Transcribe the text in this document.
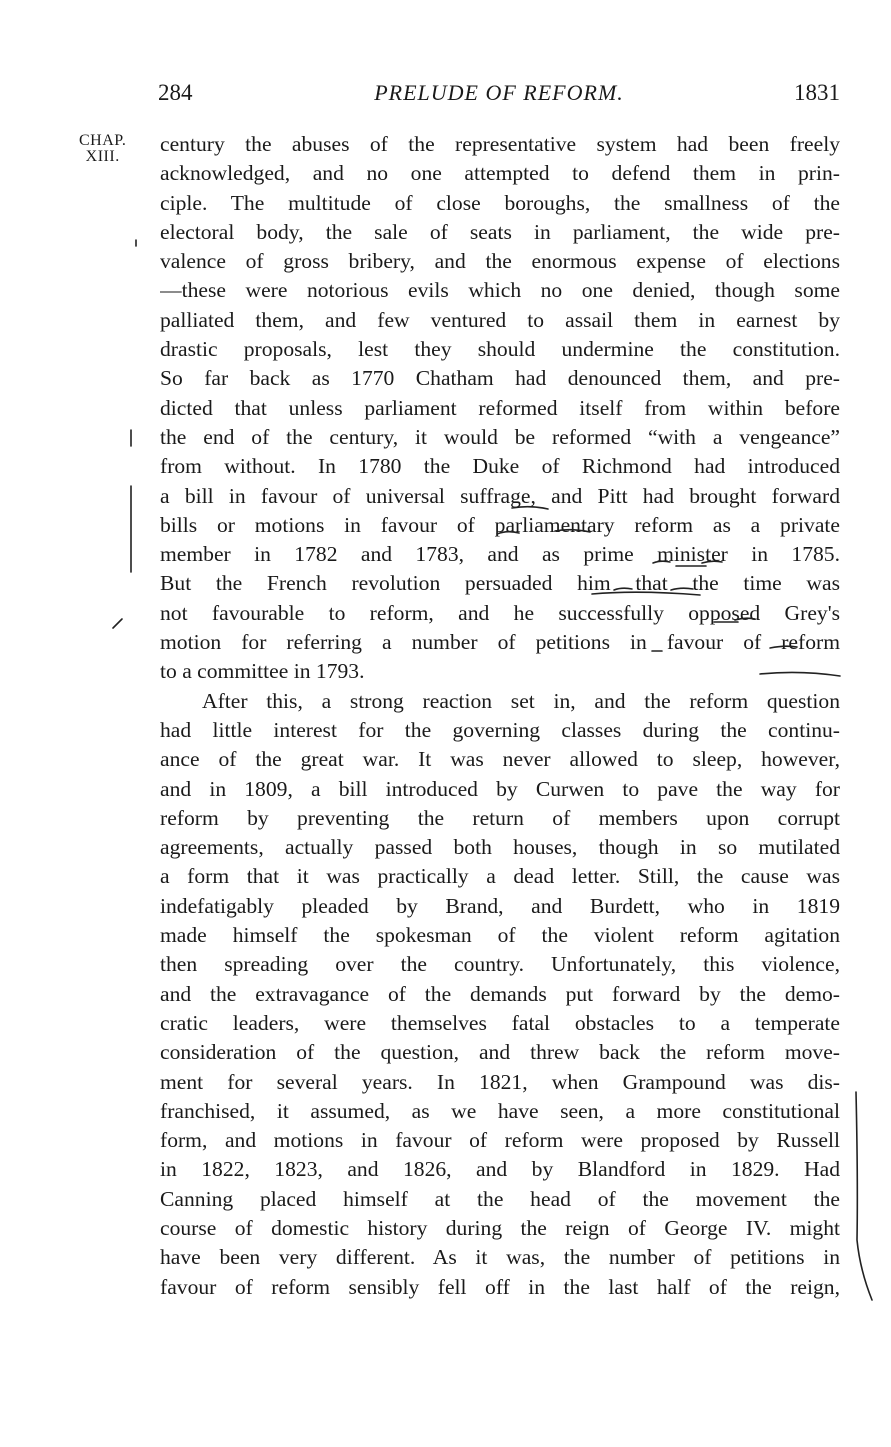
284	PRELUDE OF REFORM.	1831
CHAP.
XIII.
century the abuses of the representative system had been freely
acknowledged, and no one attempted to defend them in prin-
ciple. The multitude of close boroughs, the smallness of the
electoral body, the sale of seats in parliament, the wide pre-
valence of gross bribery, and the enormous expense of elections
—these were notorious evils which no one denied, though some
palliated them, and few ventured to assail them in earnest by
drastic proposals, lest they should undermine the constitution.
So far back as 1770 Chatham had denounced them, and pre-
dicted that unless parliament reformed itself from within before
the end of the century, it would be reformed “with a vengeance”
from without. In 1780 the Duke of Richmond had introduced
a bill in favour of universal suffrage, and Pitt had brought forward
bills or motions in favour of parliamentary reform as a private
member in 1782 and 1783, and as prime minister in 1785.
But the French revolution persuaded him that the time was
not favourable to reform, and he successfully opposed Grey's
motion for referring a number of petitions in favour of reform
to a committee in 1793.
After this, a strong reaction set in, and the reform question
had little interest for the governing classes during the continu-
ance of the great war. It was never allowed to sleep, however,
and in 1809, a bill introduced by Curwen to pave the way for
reform by preventing the return of members upon corrupt
agreements, actually passed both houses, though in so mutilated
a form that it was practically a dead letter. Still, the cause was
indefatigably pleaded by Brand, and Burdett, who in 1819
made himself the spokesman of the violent reform agitation
then spreading over the country. Unfortunately, this violence,
and the extravagance of the demands put forward by the demo-
cratic leaders, were themselves fatal obstacles to a temperate
consideration of the question, and threw back the reform move-
ment for several years. In 1821, when Grampound was dis-
franchised, it assumed, as we have seen, a more constitutional
form, and motions in favour of reform were proposed by Russell
in 1822, 1823, and 1826, and by Blandford in 1829. Had
Canning placed himself at the head of the movement the
course of domestic history during the reign of George IV. might
have been very different. As it was, the number of petitions in
favour of reform sensibly fell off in the last half of the reign,
